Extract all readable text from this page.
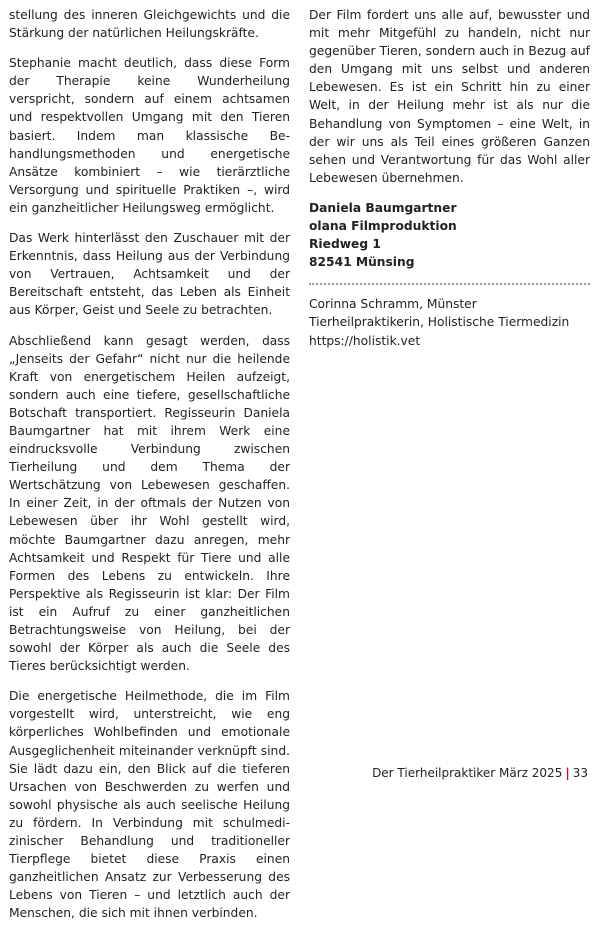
stellung des inneren Gleichgewichts und die Stärkung der natürlichen Heilungskräfte.

Stephanie macht deutlich, dass diese Form der Therapie keine Wunderheilung verspricht, sondern auf einem achtsamen und respektvollen Umgang mit den Tieren basiert. Indem man klassische Behandlungsmethoden und energetische Ansätze kombiniert – wie tierärztliche Versorgung und spirituelle Praktiken –, wird ein ganzheitlicher Heilungsweg ermöglicht.

Das Werk hinterlässt den Zuschauer mit der Erkenntnis, dass Heilung aus der Verbindung von Vertrauen, Achtsamkeit und der Bereitschaft entsteht, das Leben als Einheit aus Körper, Geist und Seele zu betrachten.

Abschließend kann gesagt werden, dass „Jenseits der Gefahr“ nicht nur die heilende Kraft von energetischem Heilen aufzeigt, sondern auch eine tiefere, gesellschaftliche Botschaft transportiert. Regisseurin Daniela Baumgartner hat mit ihrem Werk eine eindrucksvolle Verbindung zwischen Tierheilung und dem Thema der Wertschätzung von Lebewesen geschaffen. In einer Zeit, in der oftmals der Nutzen von Lebewesen über ihr Wohl gestellt wird, möchte Baumgartner dazu anregen, mehr Achtsamkeit und Respekt für Tiere und alle Formen des Lebens zu entwickeln. Ihre Perspektive als Regisseurin ist klar: Der Film ist ein Aufruf zu einer ganzheitlichen Betrachtungsweise von Heilung, bei der sowohl der Körper als auch die Seele des Tieres berücksichtigt werden.

Die energetische Heilmethode, die im Film vorgestellt wird, unterstreicht, wie eng körperliches Wohlbefinden und emotionale Ausgeglichenheit miteinander verknüpft sind. Sie lädt dazu ein, den Blick auf die tieferen Ursachen von Beschwerden zu werfen und sowohl physische als auch seelische Heilung zu fördern. In Verbindung mit schulmedizinischer Behandlung und traditioneller Tierpflege bietet diese Praxis einen ganzheitlichen Ansatz zur Verbesserung des Lebens von Tieren – und letztlich auch der Menschen, die sich mit ihnen verbinden.

Der Film fordert uns alle auf, bewusster und mit mehr Mitgefühl zu handeln, nicht nur gegenüber Tieren, sondern auch in Bezug auf den Umgang mit uns selbst und anderen Lebewesen. Es ist ein Schritt hin zu einer Welt, in der Heilung mehr ist als nur die Behandlung von Symptomen – eine Welt, in der wir uns als Teil eines größeren Ganzen sehen und Verantwortung für das Wohl aller Lebewesen übernehmen.

Daniela Baumgartner
olana Filmproduktion
Riedweg 1
82541 Münsing
Corinna Schramm, Münster
Tierheilpraktikerin, Holistische Tiermedizin
https://holistik.vet
Der Tierheilpraktiker März 2025 | 33
